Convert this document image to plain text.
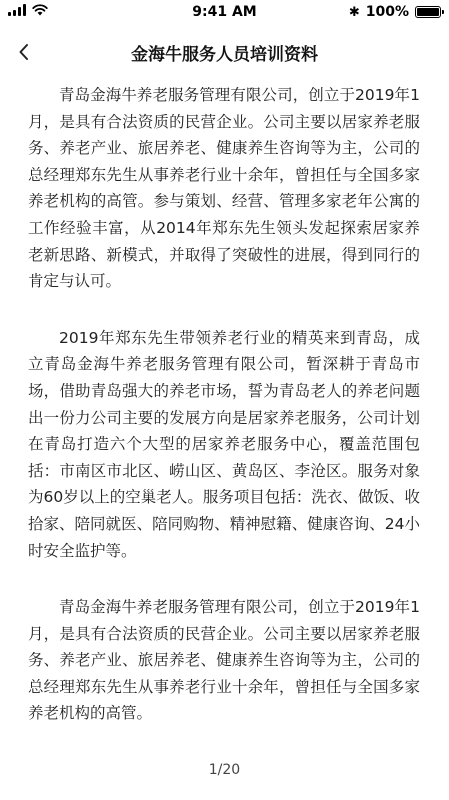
9:41 AM	✱ 100%
金海牛服务人员培训资料

青岛金海牛养老服务管理有限公司，创立于2019年1月，是具有合法资质的民营企业。公司主要以居家养老服务、养老产业、旅居养老、健康养生咨询等为主，公司的总经理郑东先生从事养老行业十余年，曾担任与全国多家养老机构的高管。参与策划、经营、管理多家老年公寓的工作经验丰富，从2014年郑东先生领头发起探索居家养老新思路、新模式，并取得了突破性的进展，得到同行的肯定与认可。

2019年郑东先生带领养老行业的精英来到青岛，成立青岛金海牛养老服务管理有限公司，暂深耕于青岛市场，借助青岛强大的养老市场，誓为青岛老人的养老问题出一份力公司主要的发展方向是居家养老服务，公司计划在青岛打造六个大型的居家养老服务中心，覆盖范围包括：市南区市北区、崂山区、黄岛区、李沧区。服务对象为60岁以上的空巢老人。服务项目包括：洗衣、做饭、收拾家、陪同就医、陪同购物、精神慰籍、健康咨询、24小时安全监护等。

青岛金海牛养老服务管理有限公司，创立于2019年1月，是具有合法资质的民营企业。公司主要以居家养老服务、养老产业、旅居养老、健康养生咨询等为主，公司的总经理郑东先生从事养老行业十余年，曾担任与全国多家养老机构的高管。

1/20
